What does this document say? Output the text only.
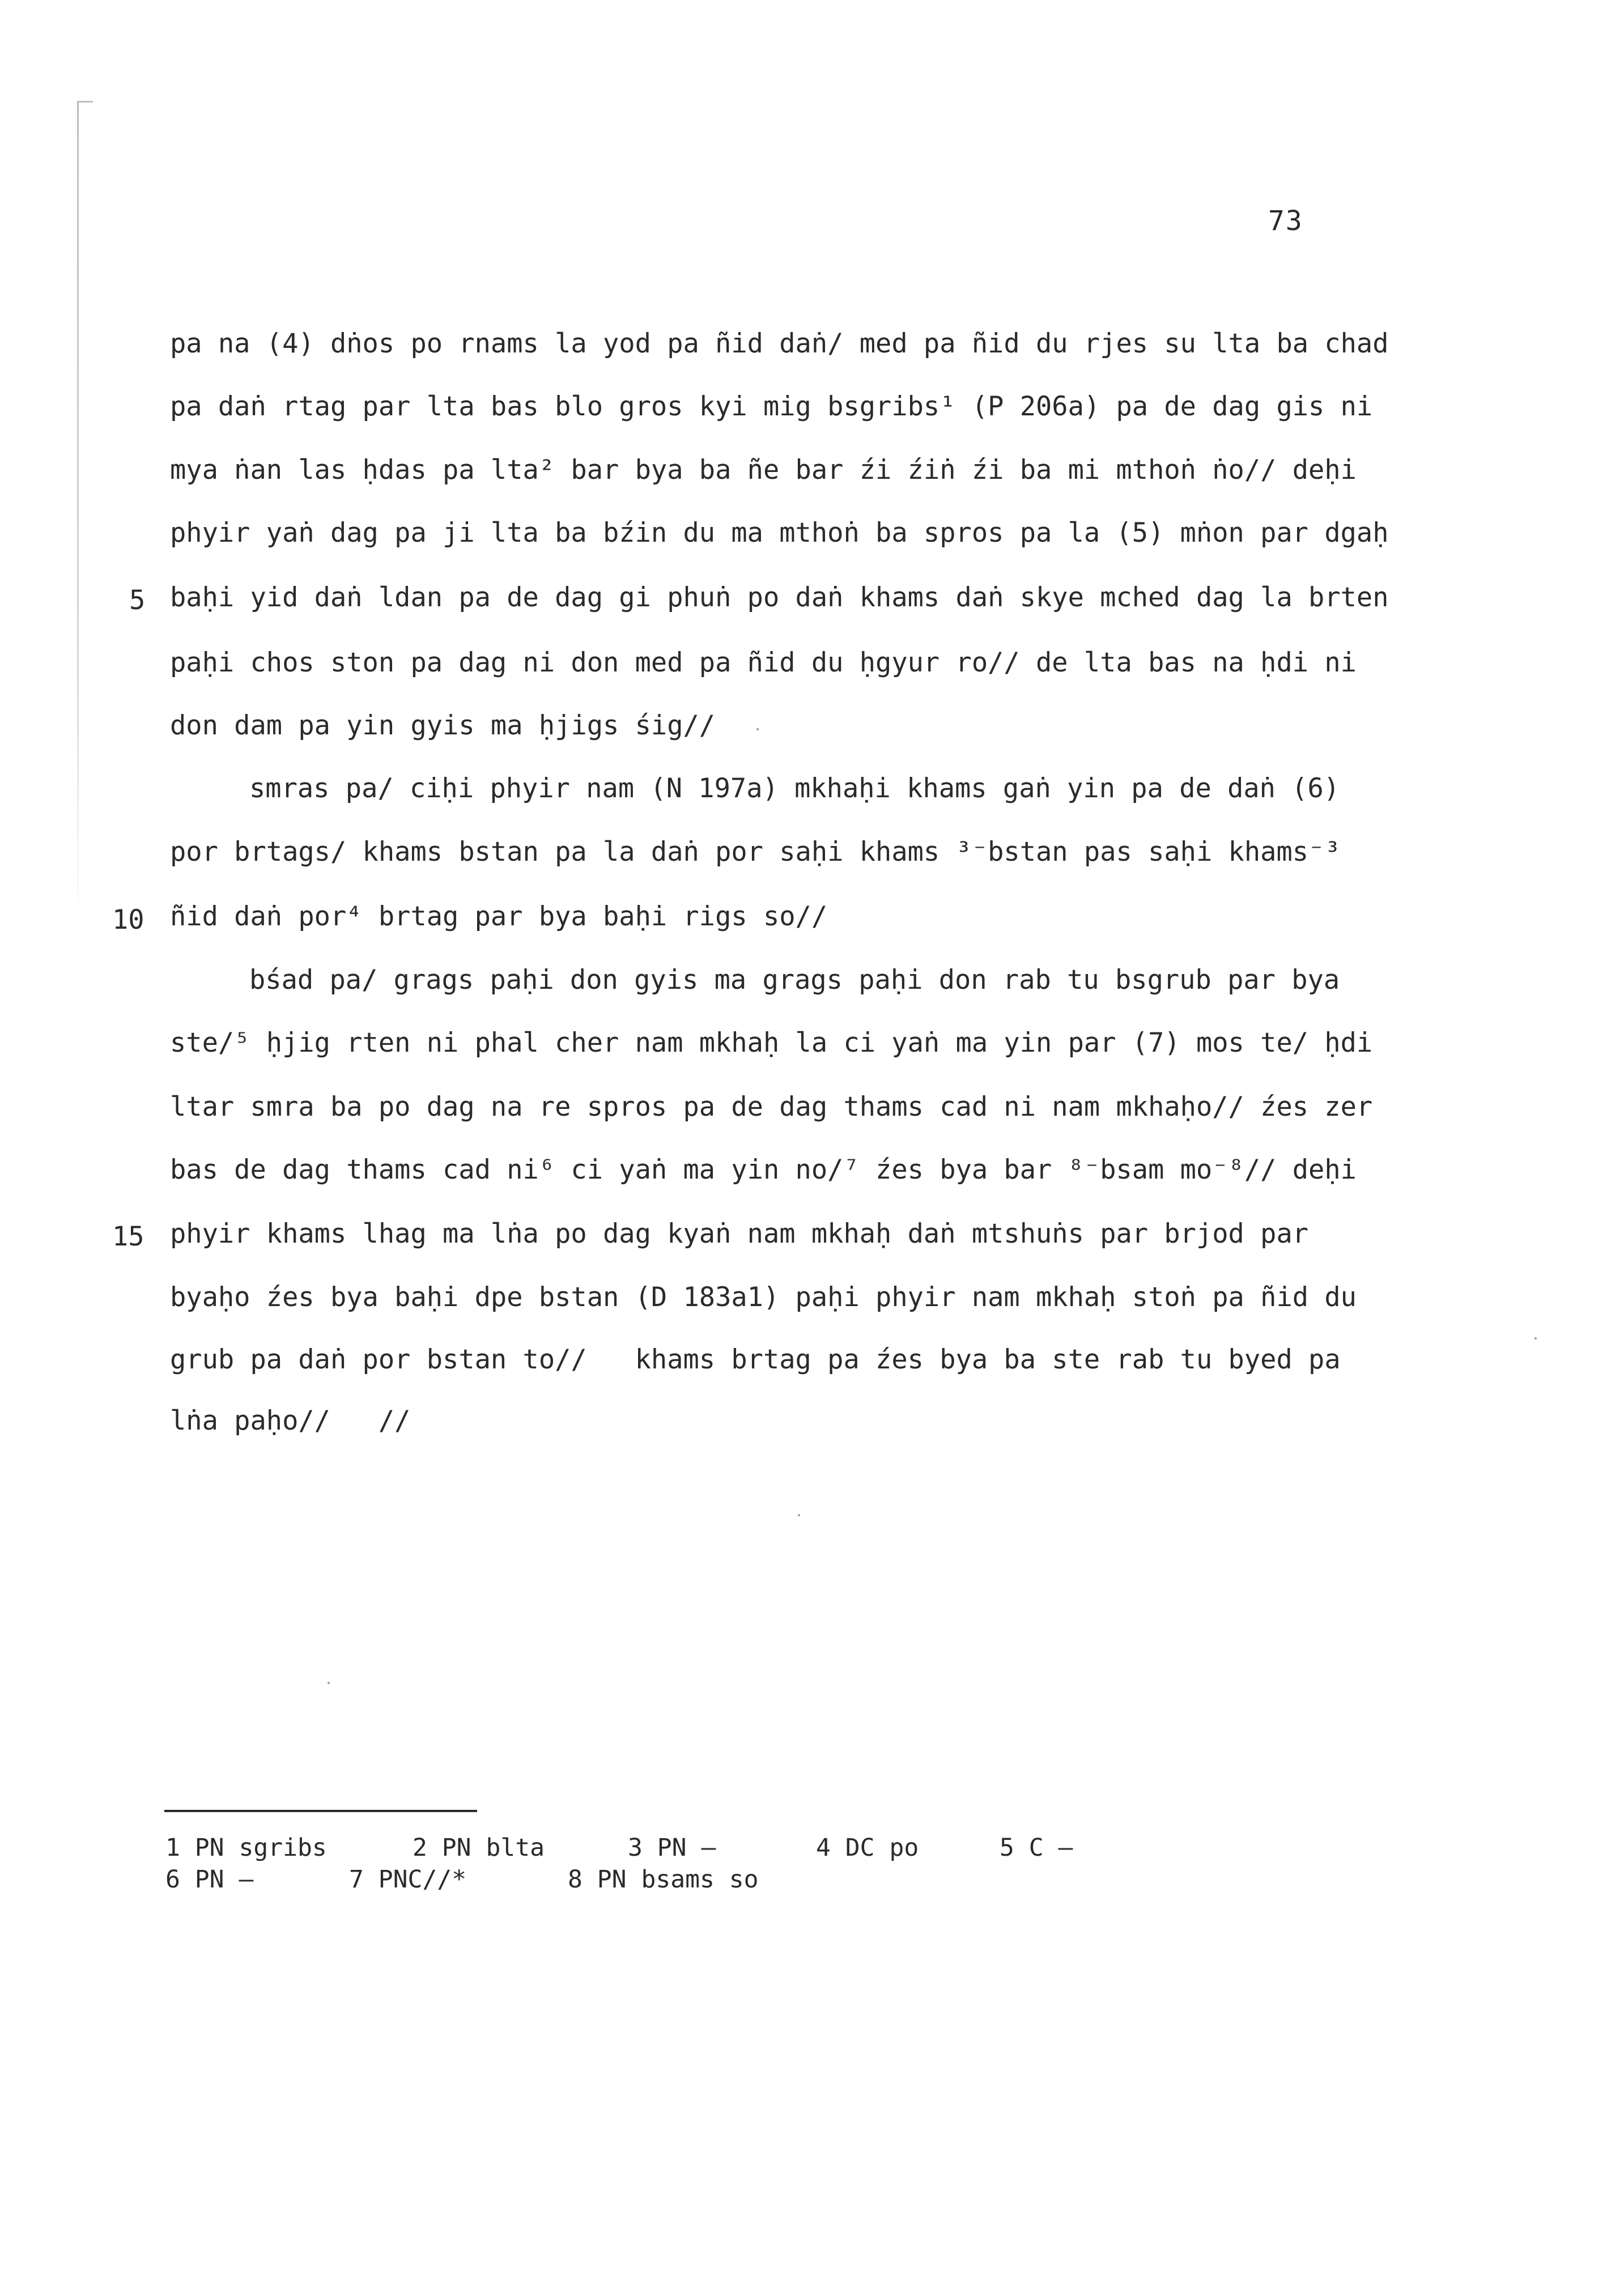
73
pa na (4) dṅos po rnams la yod pa ñid daṅ/ med pa ñid du rjes su lta ba chad
pa daṅ rtag par lta bas blo gros kyi mig bsgribs¹ (P 206a) pa de dag gis ni
mya ṅan las ḥdas pa lta² bar bya ba ñe bar źi źiṅ źi ba mi mthoṅ ṅo// deḥi
phyir yaṅ dag pa ji lta ba bźin du ma mthoṅ ba spros pa la (5) mṅon par dgaḥ
baḥi yid daṅ ldan pa de dag gi phuṅ po daṅ khams daṅ skye mched dag la brten
paḥi chos ston pa dag ni don med pa ñid du ḥgyur ro// de lta bas na ḥdi ni
don dam pa yin gyis ma ḥjigs śig//
smras pa/ ciḥi phyir nam (N 197a) mkhaḥi khams gaṅ yin pa de daṅ (6)
por brtags/ khams bstan pa la daṅ por saḥi khams ³⁻bstan pas saḥi khams⁻³
ñid daṅ por⁴ brtag par bya baḥi rigs so//
bśad pa/ grags paḥi don gyis ma grags paḥi don rab tu bsgrub par bya
ste/⁵ ḥjig rten ni phal cher nam mkhaḥ la ci yaṅ ma yin par (7) mos te/ ḥdi
ltar smra ba po dag na re spros pa de dag thams cad ni nam mkhaḥo// źes zer
bas de dag thams cad ni⁶ ci yaṅ ma yin no/⁷ źes bya bar ⁸⁻bsam mo⁻⁸// deḥi
phyir khams lhag ma lṅa po dag kyaṅ nam mkhaḥ daṅ mtshuṅs par brjod par
byaḥo źes bya baḥi dpe bstan (D 183a1) paḥi phyir nam mkhaḥ stoṅ pa ñid du
grub pa daṅ por bstan to//   khams brtag pa źes bya ba ste rab tu byed pa
lṅa paḥo//   //
5
10
15
1 PN sgribs	2 PN blta	3 PN —	4 DC po	5 C —
6 PN —	7 PNC//*	8 PN bsams so
